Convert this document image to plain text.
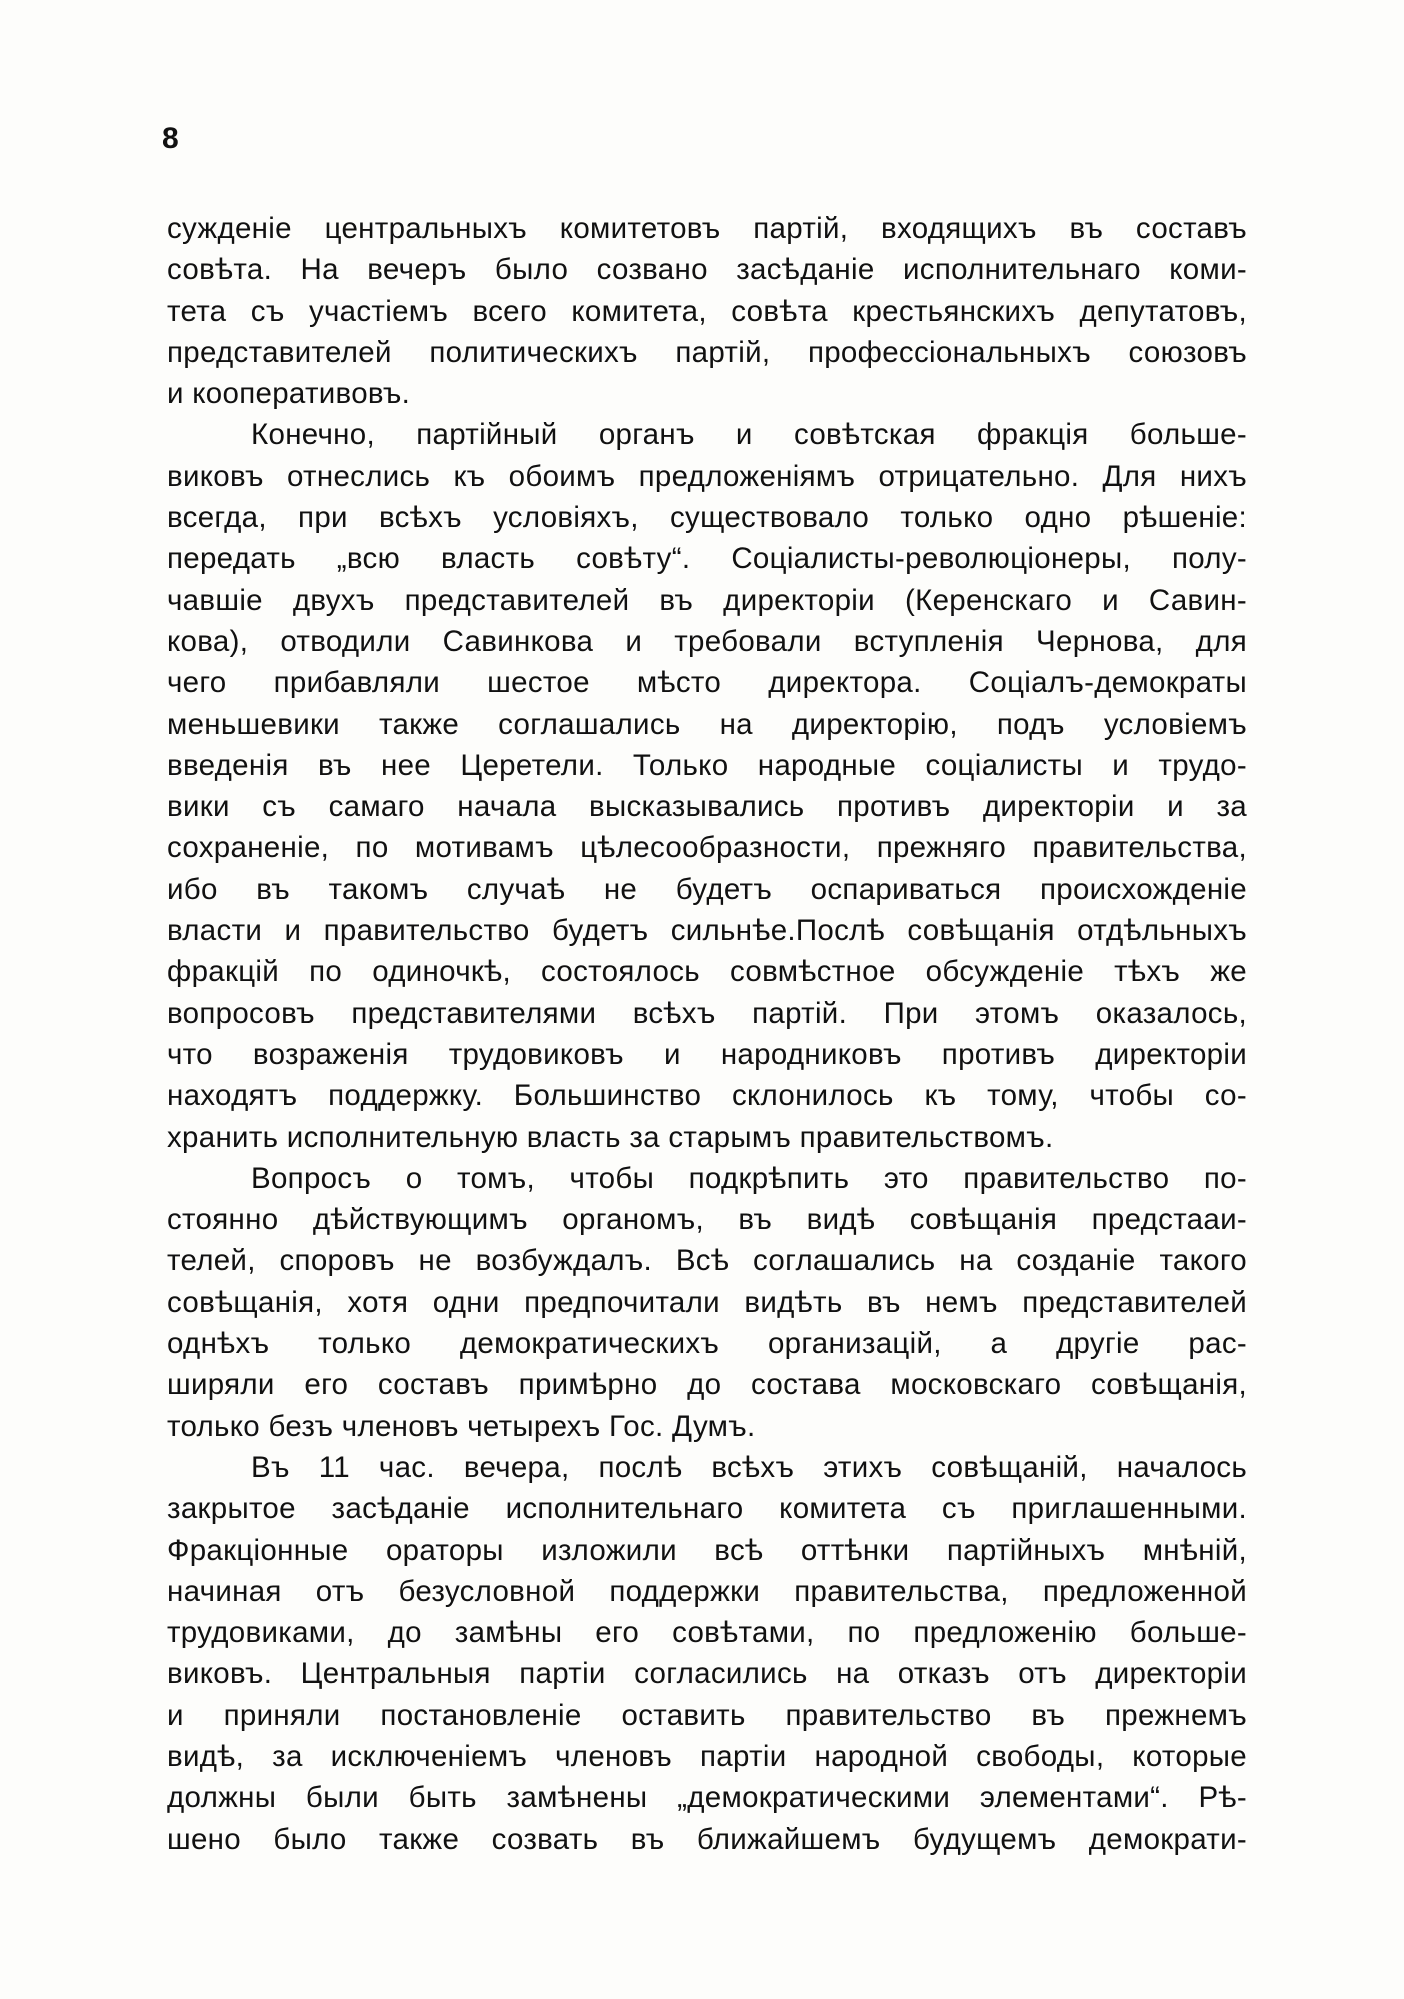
8
сужденіе центральныхъ комитетовъ партій, входящихъ въ составъ
совѣта. На вечеръ было созвано засѣданіе исполнительнаго коми-
тета съ участіемъ всего комитета, совѣта крестьянскихъ депутатовъ,
представителей политическихъ партій, профессіональныхъ союзовъ
и кооперативовъ.
Конечно, партійный органъ и совѣтская фракція больше-
виковъ отнеслись къ обоимъ предложеніямъ отрицательно. Для нихъ
всегда, при всѣхъ условіяхъ, существовало только одно рѣшеніе:
передать „всю власть совѣту“. Соціалисты-революціонеры, полу-
чавшіе двухъ представителей въ директоріи (Керенскаго и Савин-
кова), отводили Савинкова и требовали вступленія Чернова, для
чего прибавляли шестое мѣсто директора. Соціалъ-демократы
меньшевики также соглашались на директорію, подъ условіемъ
введенія въ нее Церетели. Только народные соціалисты и трудо-
вики съ самаго начала высказывались противъ директоріи и за
сохраненіе, по мотивамъ цѣлесообразности, прежняго правительства,
ибо въ такомъ случаѣ не будетъ оспариваться происхожденіе
власти и правительство будетъ сильнѣе.Послѣ совѣщанія отдѣльныхъ
фракцій по одиночкѣ, состоялось совмѣстное обсужденіе тѣхъ же
вопросовъ представителями всѣхъ партій. При этомъ оказалось,
что возраженія трудовиковъ и народниковъ противъ директоріи
находятъ поддержку. Большинство склонилось къ тому, чтобы со-
хранить исполнительную власть за старымъ правительствомъ.
Вопросъ о томъ, чтобы подкрѣпить это правительство по-
стоянно дѣйствующимъ органомъ, въ видѣ совѣщанія предстааи-
телей, споровъ не возбуждалъ. Всѣ соглашались на созданіе такого
совѣщанія, хотя одни предпочитали видѣть въ немъ представителей
однѣхъ только демократическихъ организацій, а другіе рас-
ширяли его составъ примѣрно до состава московскаго совѣщанія,
только безъ членовъ четырехъ Гос. Думъ.
Въ 11 час. вечера, послѣ всѣхъ этихъ совѣщаній, началось
закрытое засѣданіе исполнительнаго комитета съ приглашенными.
Фракціонные ораторы изложили всѣ оттѣнки партійныхъ мнѣній,
начиная отъ безусловной поддержки правительства, предложенной
трудовиками, до замѣны его совѣтами, по предложенію больше-
виковъ. Центральныя партіи согласились на отказъ отъ директоріи
и приняли постановленіе оставить правительство въ прежнемъ
видѣ, за исключеніемъ членовъ партіи народной свободы, которые
должны были быть замѣнены „демократическими элементами“. Рѣ-
шено было также созвать въ ближайшемъ будущемъ демократи-
